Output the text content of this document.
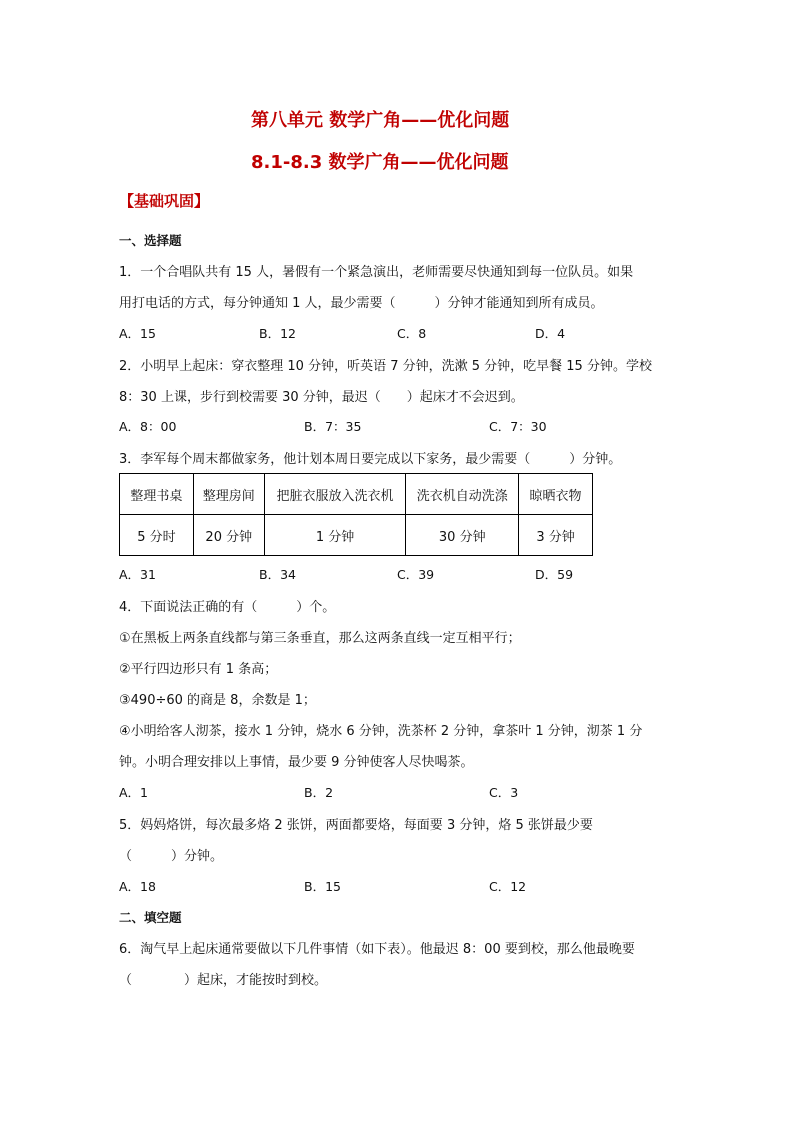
第八单元 数学广角——优化问题
8.1-8.3 数学广角——优化问题
【基础巩固】
一、选择题
1．一个合唱队共有 15 人，暑假有一个紧急演出，老师需要尽快通知到每一位队员。如果
用打电话的方式，每分钟通知 1 人，最少需要（　　　）分钟才能通知到所有成员。
A．15	B．12	C．8	D．4
2．小明早上起床：穿衣整理 10 分钟，听英语 7 分钟，洗漱 5 分钟，吃早餐 15 分钟。学校
8：30 上课，步行到校需要 30 分钟，最迟（　　）起床才不会迟到。
A．8：00	B．7：35	C．7：30
3．李军每个周末都做家务，他计划本周日要完成以下家务，最少需要（　　　）分钟。
整理书桌	整理房间	把脏衣服放入洗衣机	洗衣机自动洗涤	晾晒衣物
5 分时	20 分钟	1 分钟	30 分钟	3 分钟
A．31	B．34	C．39	D．59
4．下面说法正确的有（　　　）个。
①在黑板上两条直线都与第三条垂直，那么这两条直线一定互相平行；
②平行四边形只有 1 条高；
③490÷60 的商是 8，余数是 1；
④小明给客人沏茶，接水 1 分钟，烧水 6 分钟，洗茶杯 2 分钟，拿茶叶 1 分钟，沏茶 1 分
钟。小明合理安排以上事情，最少要 9 分钟使客人尽快喝茶。
A．1	B．2	C．3
5．妈妈烙饼，每次最多烙 2 张饼，两面都要烙，每面要 3 分钟，烙 5 张饼最少要
（　　　）分钟。
A．18	B．15	C．12
二、填空题
6．淘气早上起床通常要做以下几件事情（如下表）。他最迟 8：00 要到校，那么他最晚要
（　　　　）起床，才能按时到校。
